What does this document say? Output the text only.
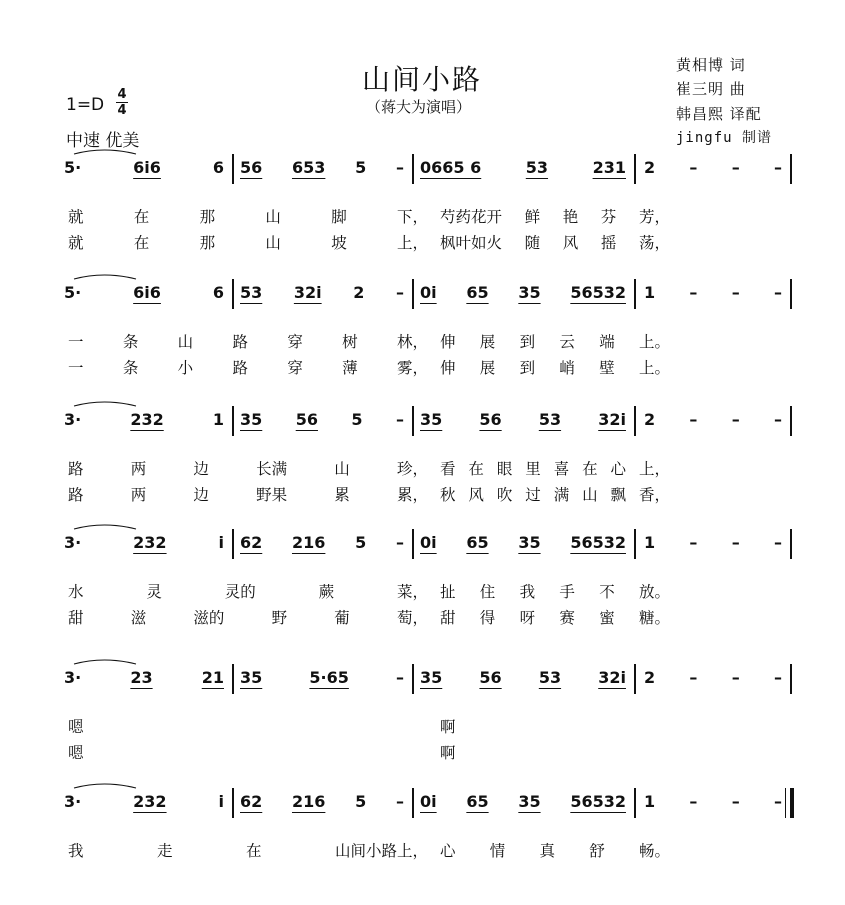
山间小路
（蒋大为演唱）
1=D
4
4
中速 优美
黄相博 词
崔三明 曲
韩昌熙 译配
jingfu 制谱
5·	6i6	6 56 653 5 – 0665 6	53	231 2 – – –
就	在	那	山	脚	下， 芍药花开 鲜 艳 芬 芳，
就	在	那	山	坡	上， 枫叶如火 随 风 摇 荡，
5·	6i6	6 53 32i 2 – 0i 65 35 56532 1 – – –
一	条	山	路	穿	树	林， 伸 展 到 云 端 上。
一	条	小	路	穿	薄	雾， 伸 展 到 峭 壁 上。
3·	232	1 35 56 5 – 35 56 53 32i 2 – – –
路	两	边	长满	山	珍， 看 在 眼 里 喜 在 心 上，
路	两	边	野果	累	累， 秋 风 吹 过 满 山 飘 香，
3·	232	i 62 216 5 – 0i 65 35 56532 1 – – –
水	灵	灵的	蕨	菜， 扯 住 我 手 不 放。
甜	滋	滋的	野	葡	萄， 甜 得 呀 赛 蜜 糖。
3·	23	21 35	5·65	– 35 56 53 32i 2 – – –
嗯	啊
嗯	啊
3·	232	i 62 216 5 – 0i 65 35 56532 1 – – –
我	走	在	山间小路上， 心 情 真 舒 畅。
